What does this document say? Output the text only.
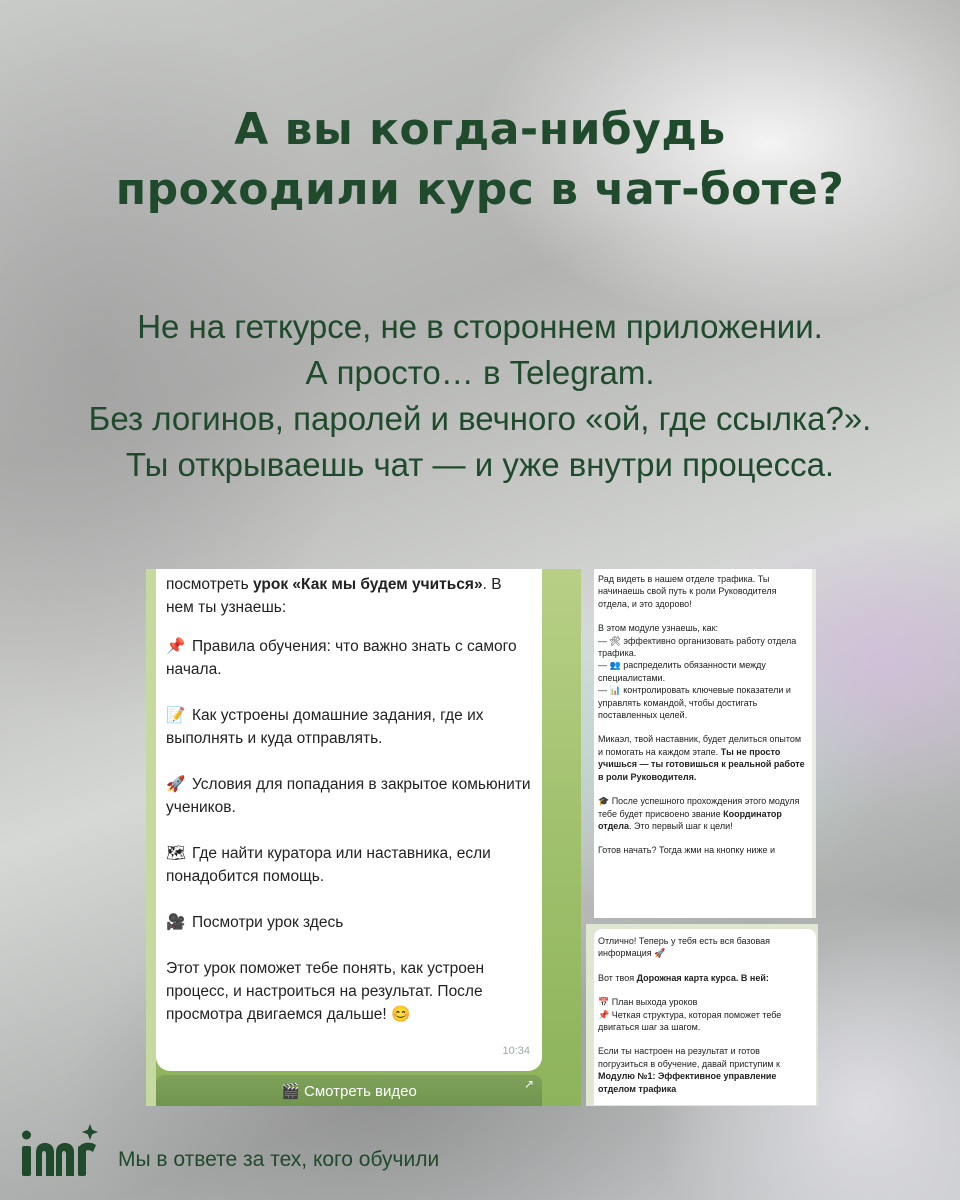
А вы когда-нибудь
проходили курс в чат-боте?
Не на геткурсе, не в стороннем приложении.
А просто… в Telegram.
Без логинов, паролей и вечного «ой, где ссылка?».
Ты открываешь чат — и уже внутри процесса.

посмотреть урок «Как мы будем учиться». В нем ты узнаешь:

📌 Правила обучения: что важно знать с самого начала.

📝 Как устроены домашние задания, где их выполнять и куда отправлять.

🚀 Условия для попадания в закрытое комьюнити учеников.

🗺 Где найти куратора или наставника, если понадобится помощь.

🎥 Посмотри урок здесь

Этот урок поможет тебе понять, как устроен процесс, и настроиться на результат. После просмотра двигаемся дальше! 😊

10:34
🎬 Смотреть видео	↗

Рад видеть в нашем отделе трафика. Ты начинаешь свой путь к роли Руководителя отдела, и это здорово!

В этом модуле узнаешь, как:
— 🛠 эффективно организовать работу отдела трафика.
— 👥 распределить обязанности между специалистами.
— 📊 контролировать ключевые показатели и управлять командой, чтобы достигать поставленных целей.

Микаэл, твой наставник, будет делиться опытом и помогать на каждом этапе. Ты не просто учишься — ты готовишься к реальной работе в роли Руководителя.

🎓 После успешного прохождения этого модуля тебе будет присвоено звание Координатор отдела. Это первый шаг к цели!

Готов начать? Тогда жми на кнопку ниже и

Отлично! Теперь у тебя есть вся базовая информация 🚀

Вот твоя Дорожная карта курса. В ней:

📅 План выхода уроков
📌 Четкая структура, которая поможет тебе двигаться шаг за шагом.

Если ты настроен на результат и готов погрузиться в обучение, давай приступим к Модулю №1: Эффективное управление отделом трафика

Мы в ответе за тех, кого обучили
